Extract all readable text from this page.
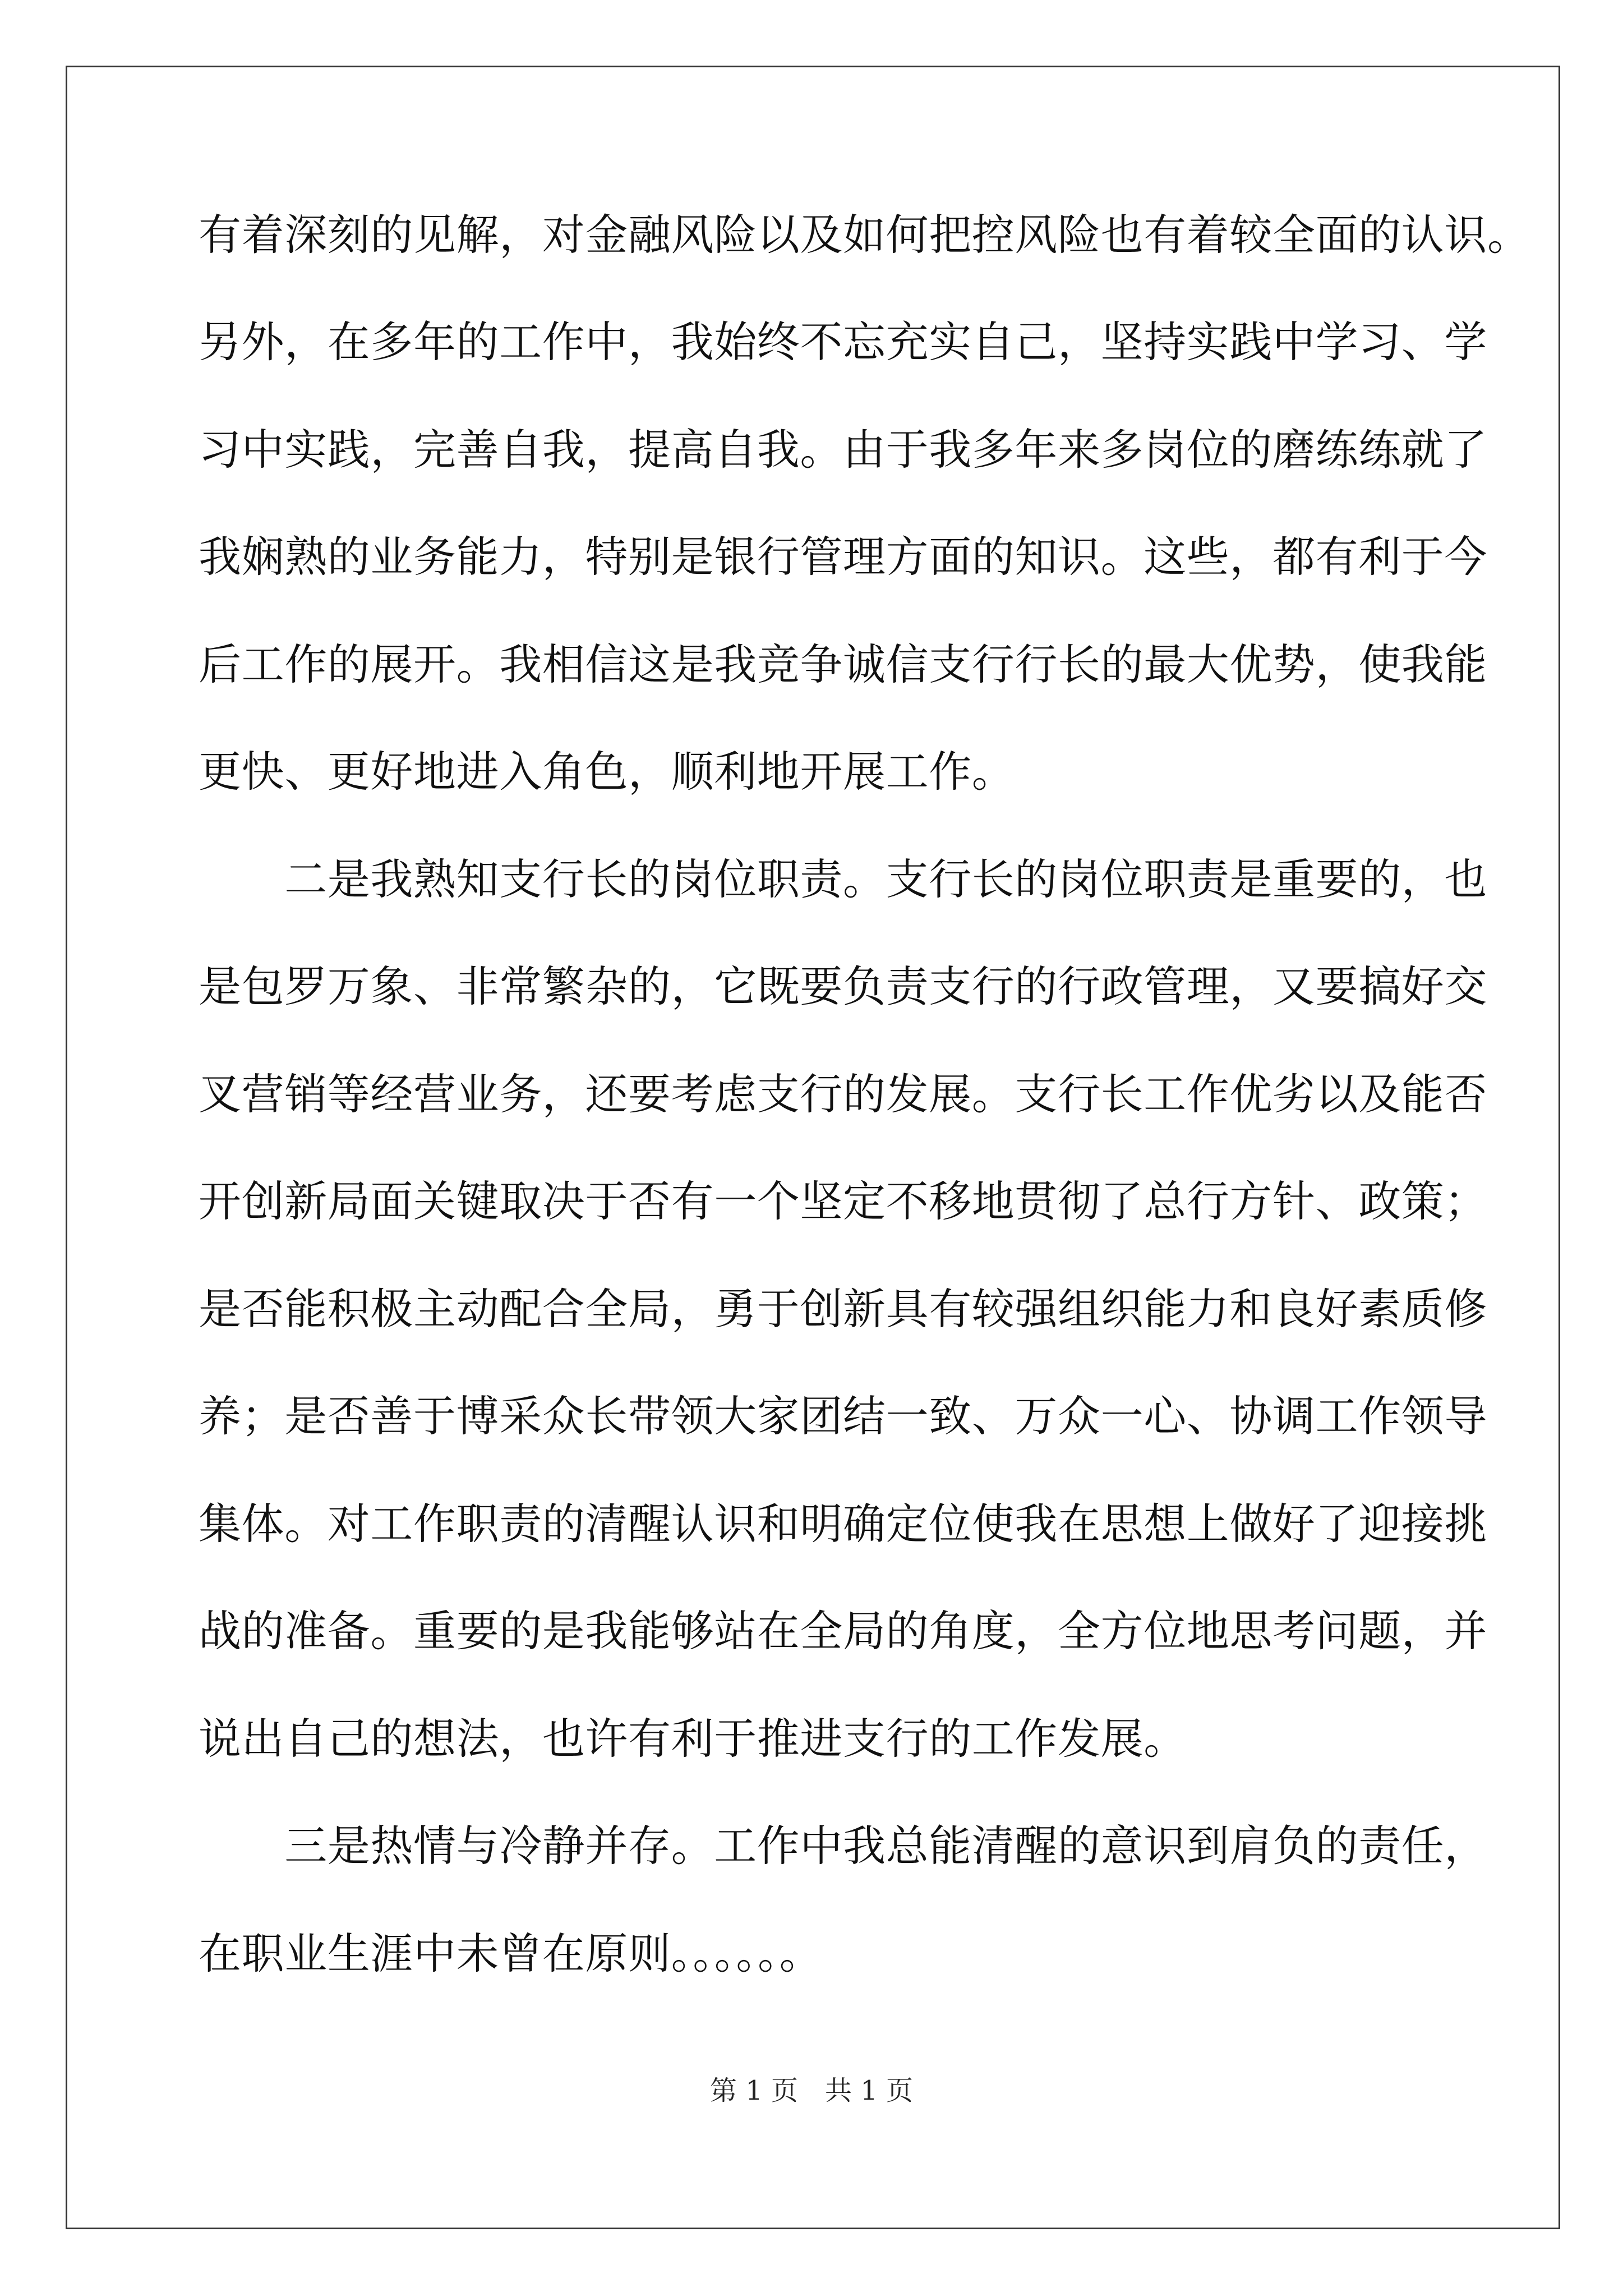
有着深刻的见解，对金融风险以及如何把控风险也有着较全面的认识。
另外，在多年的工作中，我始终不忘充实自己，坚持实践中学习、学
习中实践，完善自我，提高自我。由于我多年来多岗位的磨练练就了
我娴熟的业务能力，特别是银行管理方面的知识。这些，都有利于今
后工作的展开。我相信这是我竞争诚信支行行长的最大优势，使我能
更快、更好地进入角色，顺利地开展工作。
　　二是我熟知支行长的岗位职责。支行长的岗位职责是重要的，也
是包罗万象、非常繁杂的，它既要负责支行的行政管理，又要搞好交
叉营销等经营业务，还要考虑支行的发展。支行长工作优劣以及能否
开创新局面关键取决于否有一个坚定不移地贯彻了总行方针、政策；
是否能积极主动配合全局，勇于创新具有较强组织能力和良好素质修
养；是否善于博采众长带领大家团结一致、万众一心、协调工作领导
集体。对工作职责的清醒认识和明确定位使我在思想上做好了迎接挑
战的准备。重要的是我能够站在全局的角度，全方位地思考问题，并
说出自己的想法，也许有利于推进支行的工作发展。
　　三是热情与冷静并存。工作中我总能清醒的意识到肩负的责任，
在职业生涯中未曾在原则。。。。。。
第 1 页　共 1 页
